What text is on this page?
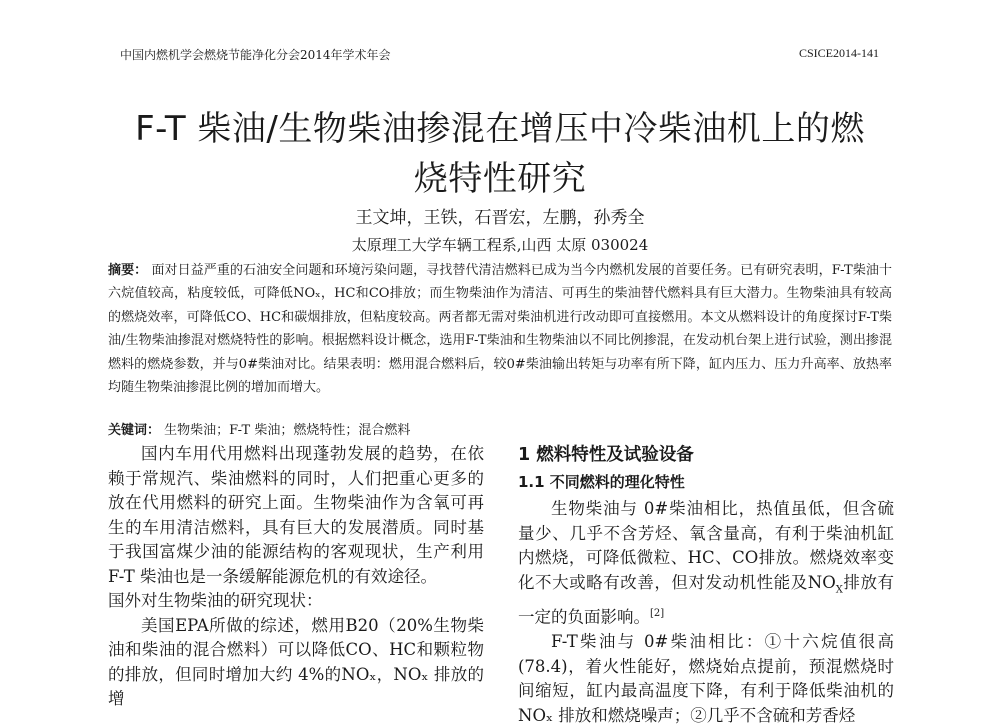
中国内燃机学会燃烧节能净化分会2014年学术年会	CSICE2014-141
F-T 柴油/生物柴油掺混在增压中冷柴油机上的燃
烧特性研究
王文坤，王铁，石晋宏，左鹏，孙秀全
太原理工大学车辆工程系,山西 太原 030024
摘要： 面对日益严重的石油安全问题和环境污染问题，寻找替代清洁燃料已成为当今内燃机发展的首要任务。已有研究表明，F-T柴油十六烷值较高，粘度较低，可降低NOₓ，HC和CO排放；而生物柴油作为清洁、可再生的柴油替代燃料具有巨大潜力。生物柴油具有较高的燃烧效率，可降低CO、HC和碳烟排放，但粘度较高。两者都无需对柴油机进行改动即可直接燃用。本文从燃料设计的角度探讨F-T柴油/生物柴油掺混对燃烧特性的影响。根据燃料设计概念，选用F-T柴油和生物柴油以不同比例掺混，在发动机台架上进行试验，测出掺混燃料的燃烧参数，并与0#柴油对比。结果表明：燃用混合燃料后，较0#柴油输出转矩与功率有所下降，缸内压力、压力升高率、放热率均随生物柴油掺混比例的增加而增大。
关键词： 生物柴油；F-T 柴油；燃烧特性；混合燃料

国内车用代用燃料出现蓬勃发展的趋势，在依赖于常规汽、柴油燃料的同时，人们把重心更多的放在代用燃料的研究上面。生物柴油作为含氧可再生的车用清洁燃料，具有巨大的发展潜质。同时基于我国富煤少油的能源结构的客观现状，生产利用 F-T 柴油也是一条缓解能源危机的有效途径。

国外对生物柴油的研究现状：

美国EPA所做的综述，燃用B20（20%生物柴油和柴油的混合燃料）可以降低CO、HC和颗粒物的排放，但同时增加大约 4%的NOₓ，NOₓ 排放的增

1 燃料特性及试验设备
1.1 不同燃料的理化特性

生物柴油与 0#柴油相比，热值虽低，但含硫量少、几乎不含芳烃、氧含量高，有利于柴油机缸内燃烧，可降低微粒、HC、CO排放。燃烧效率变化不大或略有改善，但对发动机性能及$NO_X$排放有一定的负面影响。[2]

F-T柴油与 0#柴油相比：①十六烷值很高(78.4)，着火性能好，燃烧始点提前，预混燃烧时间缩短，缸内最高温度下降，有利于降低柴油机的NOₓ 排放和燃烧噪声；②几乎不含硫和芳香烃
